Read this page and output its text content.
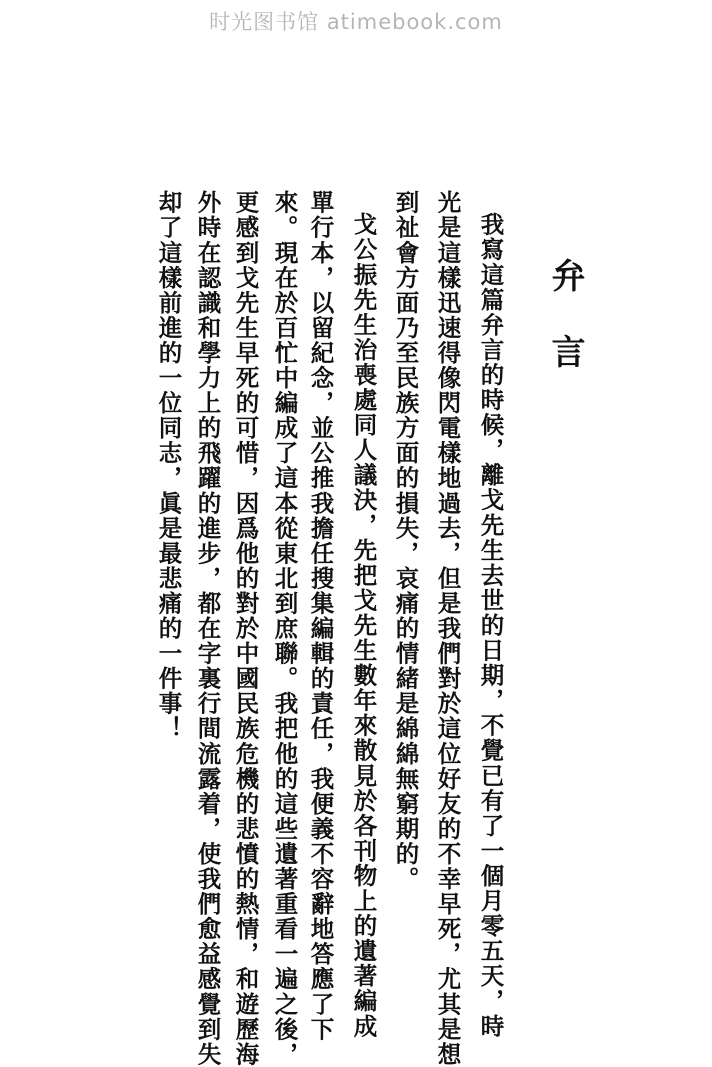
时光图书馆 atimebook.com
弁言
我寫這篇弁言的時候，離戈先生去世的日期，不覺已有了一個月零五天，時
光是這樣迅速得像閃電樣地過去，但是我們對於這位好友的不幸早死，尤其是想
到祉會方面乃至民族方面的損失，哀痛的情緒是綿綿無窮期的。
戈公振先生治喪處同人議決，先把戈先生數年來散見於各刊物上的遺著編成
單行本，以留紀念，並公推我擔任搜集編輯的責任，我便義不容辭地答應了下
來。現在於百忙中編成了這本從東北到庶聯。我把他的這些遺著重看一遍之後，
更感到戈先生早死的可惜，因爲他的對於中國民族危機的悲憤的熱情，和遊歷海
外時在認識和學力上的飛躍的進步，都在字裏行間流露着，使我們愈益感覺到失
却了這樣前進的一位同志，眞是最悲痛的一件事！
